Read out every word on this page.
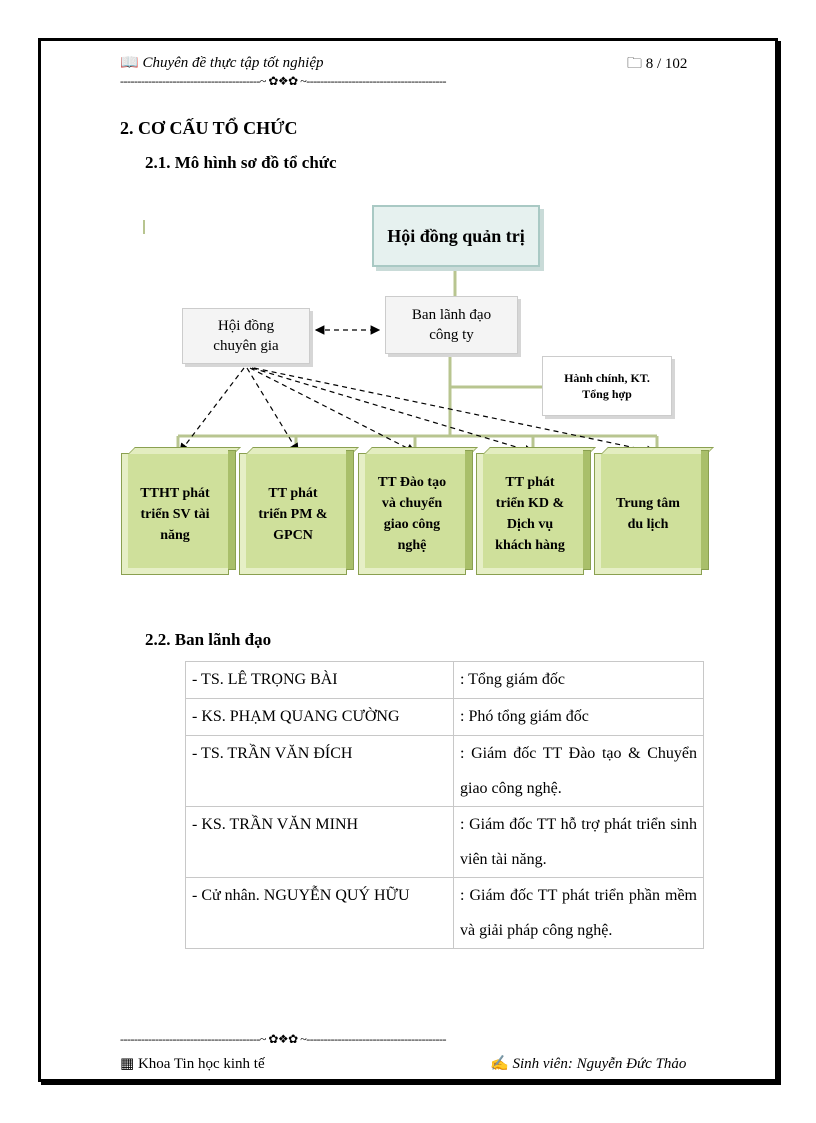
📖 Chuyên đề thực tập tốt nghiệp	🗀 8 / 102
----------------------------------------~ ✿❖✿ ~----------------------------------------
2. CƠ CẤU TỔ CHỨC
2.1. Mô hình sơ đồ tổ chức
Hội đồng quản trị
Ban lãnh đạo
công ty
Hội đồng
chuyên gia
Hành chính, KT.
Tổng hợp
TTHT phát
triển SV tài
năng
TT phát
triển PM &
GPCN
TT Đào tạo
và chuyển
giao công
nghệ
TT phát
triển KD &
Dịch vụ
khách hàng
Trung tâm
du lịch
2.2. Ban lãnh đạo
- TS. LÊ TRỌNG BÀI	: Tổng giám đốc
- KS. PHẠM QUANG CƯỜNG	: Phó tổng giám đốc
- TS. TRẦN VĂN ĐÍCH	: Giám đốc TT Đào tạo & Chuyển giao công nghệ.
- KS. TRẦN VĂN MINH	: Giám đốc TT hỗ trợ phát triển sinh viên tài năng.
- Cử nhân. NGUYỄN QUÝ HỮU	: Giám đốc TT phát triển phần mềm và giải pháp công nghệ.
----------------------------------------~ ✿❖✿ ~----------------------------------------
▦ Khoa Tin học kinh tế	✍ Sinh viên: Nguyễn Đức Thảo
